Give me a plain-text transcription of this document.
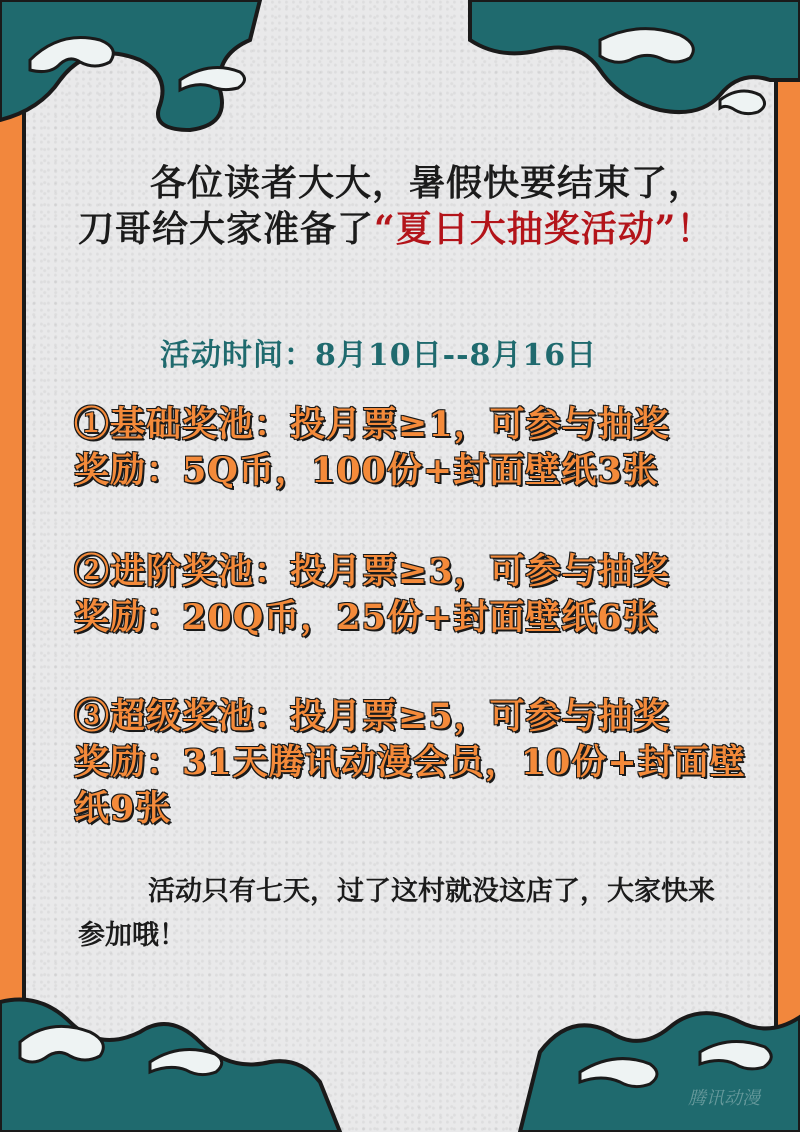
各位读者大大，暑假快要结束了，刀哥给大家准备了“夏日大抽奖活动”！
活动时间：8月10日--8月16日
①基础奖池：投月票≥1，可参与抽奖
奖励：5Q币，100份+封面壁纸3张
②进阶奖池：投月票≥3，可参与抽奖
奖励：20Q币，25份+封面壁纸6张
③超级奖池：投月票≥5，可参与抽奖
奖励：31天腾讯动漫会员，10份+封面壁纸9张
活动只有七天，过了这村就没这店了，大家快来参加哦！
腾讯动漫
